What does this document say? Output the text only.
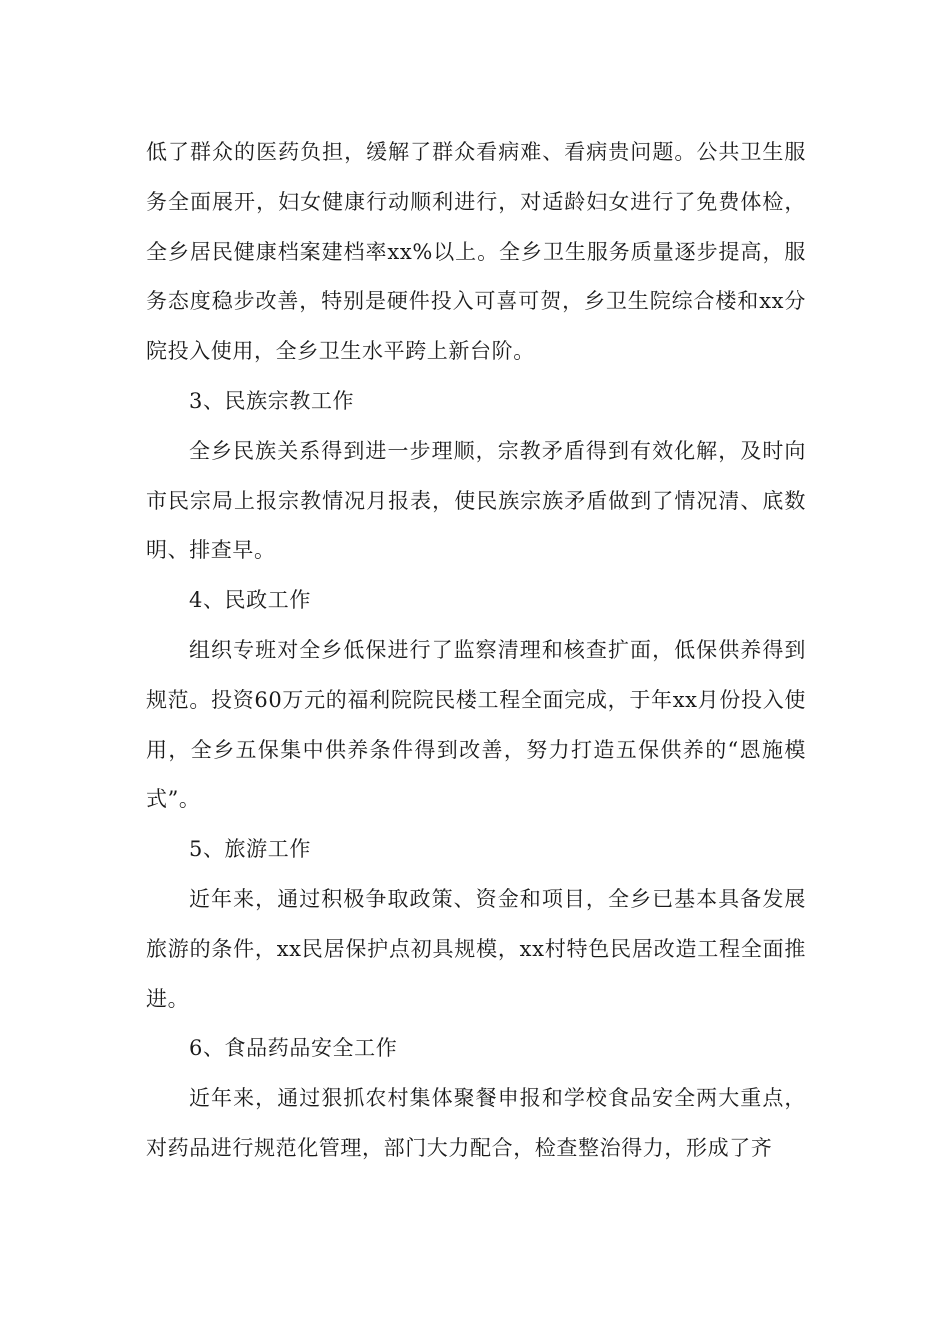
低了群众的医药负担，缓解了群众看病难、看病贵问题。公共卫生服务全面展开，妇女健康行动顺利进行，对适龄妇女进行了免费体检，全乡居民健康档案建档率xx%以上。全乡卫生服务质量逐步提高，服务态度稳步改善，特别是硬件投入可喜可贺，乡卫生院综合楼和xx分院投入使用，全乡卫生水平跨上新台阶。

3、民族宗教工作

全乡民族关系得到进一步理顺，宗教矛盾得到有效化解，及时向市民宗局上报宗教情况月报表，使民族宗族矛盾做到了情况清、底数明、排查早。

4、民政工作

组织专班对全乡低保进行了监察清理和核查扩面，低保供养得到规范。投资60万元的福利院院民楼工程全面完成，于年xx月份投入使用，全乡五保集中供养条件得到改善，努力打造五保供养的“恩施模式”。

5、旅游工作

近年来，通过积极争取政策、资金和项目，全乡已基本具备发展旅游的条件，xx民居保护点初具规模，xx村特色民居改造工程全面推进。

6、食品药品安全工作

近年来，通过狠抓农村集体聚餐申报和学校食品安全两大重点，对药品进行规范化管理，部门大力配合，检查整治得力，形成了齐
